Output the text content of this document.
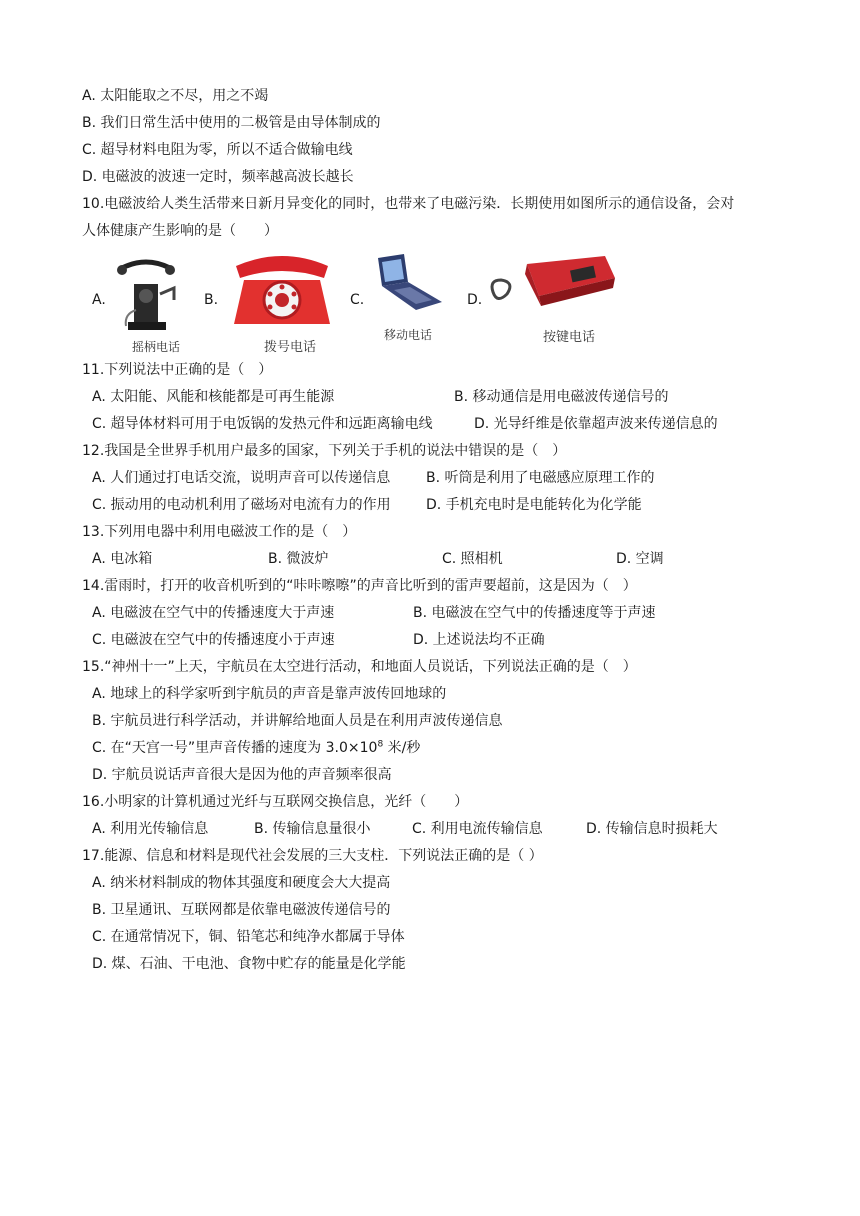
A. 太阳能取之不尽，用之不竭
B. 我们日常生活中使用的二极管是由导体制成的
C. 超导材料电阻为零，所以不适合做输电线
D. 电磁波的波速一定时，频率越高波长越长
10.电磁波给人类生活带来日新月异变化的同时，也带来了电磁污染．长期使用如图所示的通信设备，会对
人体健康产生影响的是（　　）
A.
摇柄电话
B.
拨号电话
C.
移动电话
D.
按键电话
11.下列说法中正确的是（　）
A. 太阳能、风能和核能都是可再生能源	B. 移动通信是用电磁波传递信号的
C. 超导体材料可用于电饭锅的发热元件和远距离输电线	D. 光导纤维是依靠超声波来传递信息的
12.我国是全世界手机用户最多的国家，下列关于手机的说法中错误的是（　）
A. 人们通过打电话交流，说明声音可以传递信息	B. 听筒是利用了电磁感应原理工作的
C. 振动用的电动机利用了磁场对电流有力的作用	D. 手机充电时是电能转化为化学能
13.下列用电器中利用电磁波工作的是（　）
A. 电冰箱	B. 微波炉	C. 照相机	D. 空调
14.雷雨时，打开的收音机听到的“咔咔嚓嚓”的声音比听到的雷声要超前，这是因为（　）
A. 电磁波在空气中的传播速度大于声速	B. 电磁波在空气中的传播速度等于声速
C. 电磁波在空气中的传播速度小于声速	D. 上述说法均不正确
15.“神州十一”上天，宇航员在太空进行活动，和地面人员说话，下列说法正确的是（　）
A. 地球上的科学家听到宇航员的声音是靠声波传回地球的
B. 宇航员进行科学活动，并讲解给地面人员是在利用声波传递信息
C. 在“天宫一号”里声音传播的速度为 $3.0\times 10^8$ 米/秒
D. 宇航员说话声音很大是因为他的声音频率很高
16.小明家的计算机通过光纤与互联网交换信息，光纤（　　）
A. 利用光传输信息	B. 传输信息量很小	C. 利用电流传输信息	D. 传输信息时损耗大
17.能源、信息和材料是现代社会发展的三大支柱．下列说法正确的是（ ）
A. 纳米材料制成的物体其强度和硬度会大大提高
B. 卫星通讯、互联网都是依靠电磁波传递信号的
C. 在通常情况下，铜、铅笔芯和纯净水都属于导体
D. 煤、石油、干电池、食物中贮存的能量是化学能
